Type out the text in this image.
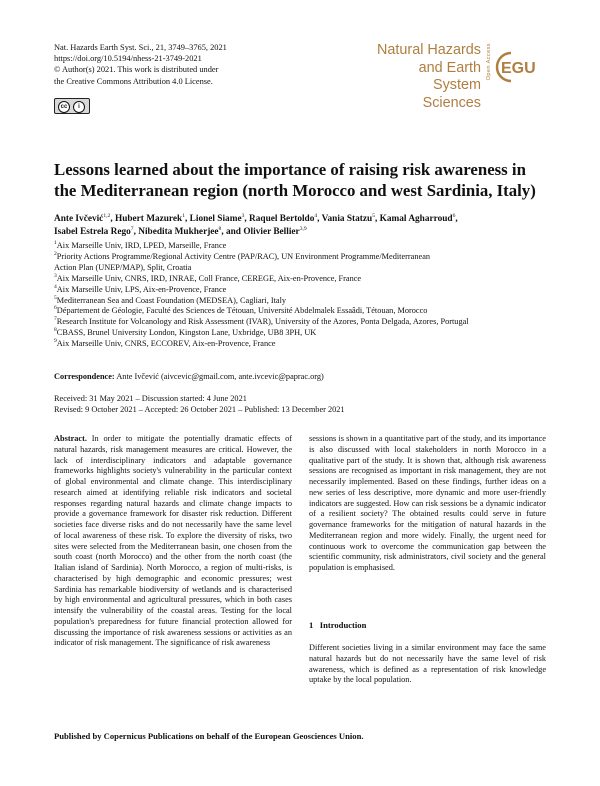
Nat. Hazards Earth Syst. Sci., 21, 3749–3765, 2021
https://doi.org/10.5194/nhess-21-3749-2021
© Author(s) 2021. This work is distributed under
the Creative Commons Attribution 4.0 License.
cc	i
Natural Hazards
and Earth System
Sciences
Open Access EGU
Lessons learned about the importance of raising risk awareness in
the Mediterranean region (north Morocco and west Sardinia, Italy)
Ante Ivčević$^{1,2}$, Hubert Mazurek$^1$, Lionel Siame$^3$, Raquel Bertoldo$^4$, Vania Statzu$^5$, Kamal Agharroud$^6$,
Isabel Estrela Rego$^7$, Nibedita Mukherjee$^8$, and Olivier Bellier$^{3,9}$
$^1$Aix Marseille Univ, IRD, LPED, Marseille, France
$^2$Priority Actions Programme/Regional Activity Centre (PAP/RAC), UN Environment Programme/Mediterranean
Action Plan (UNEP/MAP), Split, Croatia
$^3$Aix Marseille Univ, CNRS, IRD, INRAE, Coll France, CEREGE, Aix-en-Provence, France
$^4$Aix Marseille Univ, LPS, Aix-en-Provence, France
$^5$Mediterranean Sea and Coast Foundation (MEDSEA), Cagliari, Italy
$^6$Département de Géologie, Faculté des Sciences de Tétouan, Université Abdelmalek Essaâdi, Tétouan, Morocco
$^7$Research Institute for Volcanology and Risk Assessment (IVAR), University of the Azores, Ponta Delgada, Azores, Portugal
$^8$CBASS, Brunel University London, Kingston Lane, Uxbridge, UB8 3PH, UK
$^9$Aix Marseille Univ, CNRS, ECCOREV, Aix-en-Provence, France
Correspondence: Ante Ivčević (aivcevic@gmail.com, ante.ivcevic@paprac.org)
Received: 31 May 2021 – Discussion started: 4 June 2021
Revised: 9 October 2021 – Accepted: 26 October 2021 – Published: 13 December 2021
Abstract. In order to mitigate the potentially dramatic effects of natural hazards, risk management measures are critical. However, the lack of interdisciplinary indicators and adaptable governance frameworks highlights society's vulnerability in the particular context of global environmental and climate change. This interdisciplinary research aimed at identifying reliable risk indicators and societal responses regarding natural hazards and climate change impacts to provide a governance framework for disaster risk reduction. Different societies face diverse risks and do not necessarily have the same level of local awareness of these risk. To explore the diversity of risks, two sites were selected from the Mediterranean basin, one chosen from the south coast (north Morocco) and the other from the north coast (the Italian island of Sardinia). North Morocco, a region of multi-risks, is characterised by high demographic and economic pressures; west Sardinia has remarkable biodiversity of wetlands and is characterised by high environmental and agricultural pressures, which in both cases intensify the vulnerability of the coastal areas. Testing for the local population's preparedness for future financial protection allowed for discussing the importance of risk awareness sessions or activities as an indicator of risk management. The significance of risk awareness
sessions is shown in a quantitative part of the study, and its importance is also discussed with local stakeholders in north Morocco in a qualitative part of the study. It is shown that, although risk awareness sessions are recognised as important in risk management, they are not necessarily implemented. Based on these findings, further ideas on a new series of less descriptive, more dynamic and more user-friendly indicators are suggested. How can risk sessions be a dynamic indicator of a resilient society? The obtained results could serve in future governance frameworks for the mitigation of natural hazards in the Mediterranean region and more widely. Finally, the urgent need for continuous work to overcome the communication gap between the scientific community, risk administrators, civil society and the general population is emphasised.
1   Introduction
Different societies living in a similar environment may face the same natural hazards but do not necessarily have the same level of risk awareness, which is defined as a representation of risk knowledge uptake by the local population.
Published by Copernicus Publications on behalf of the European Geosciences Union.
